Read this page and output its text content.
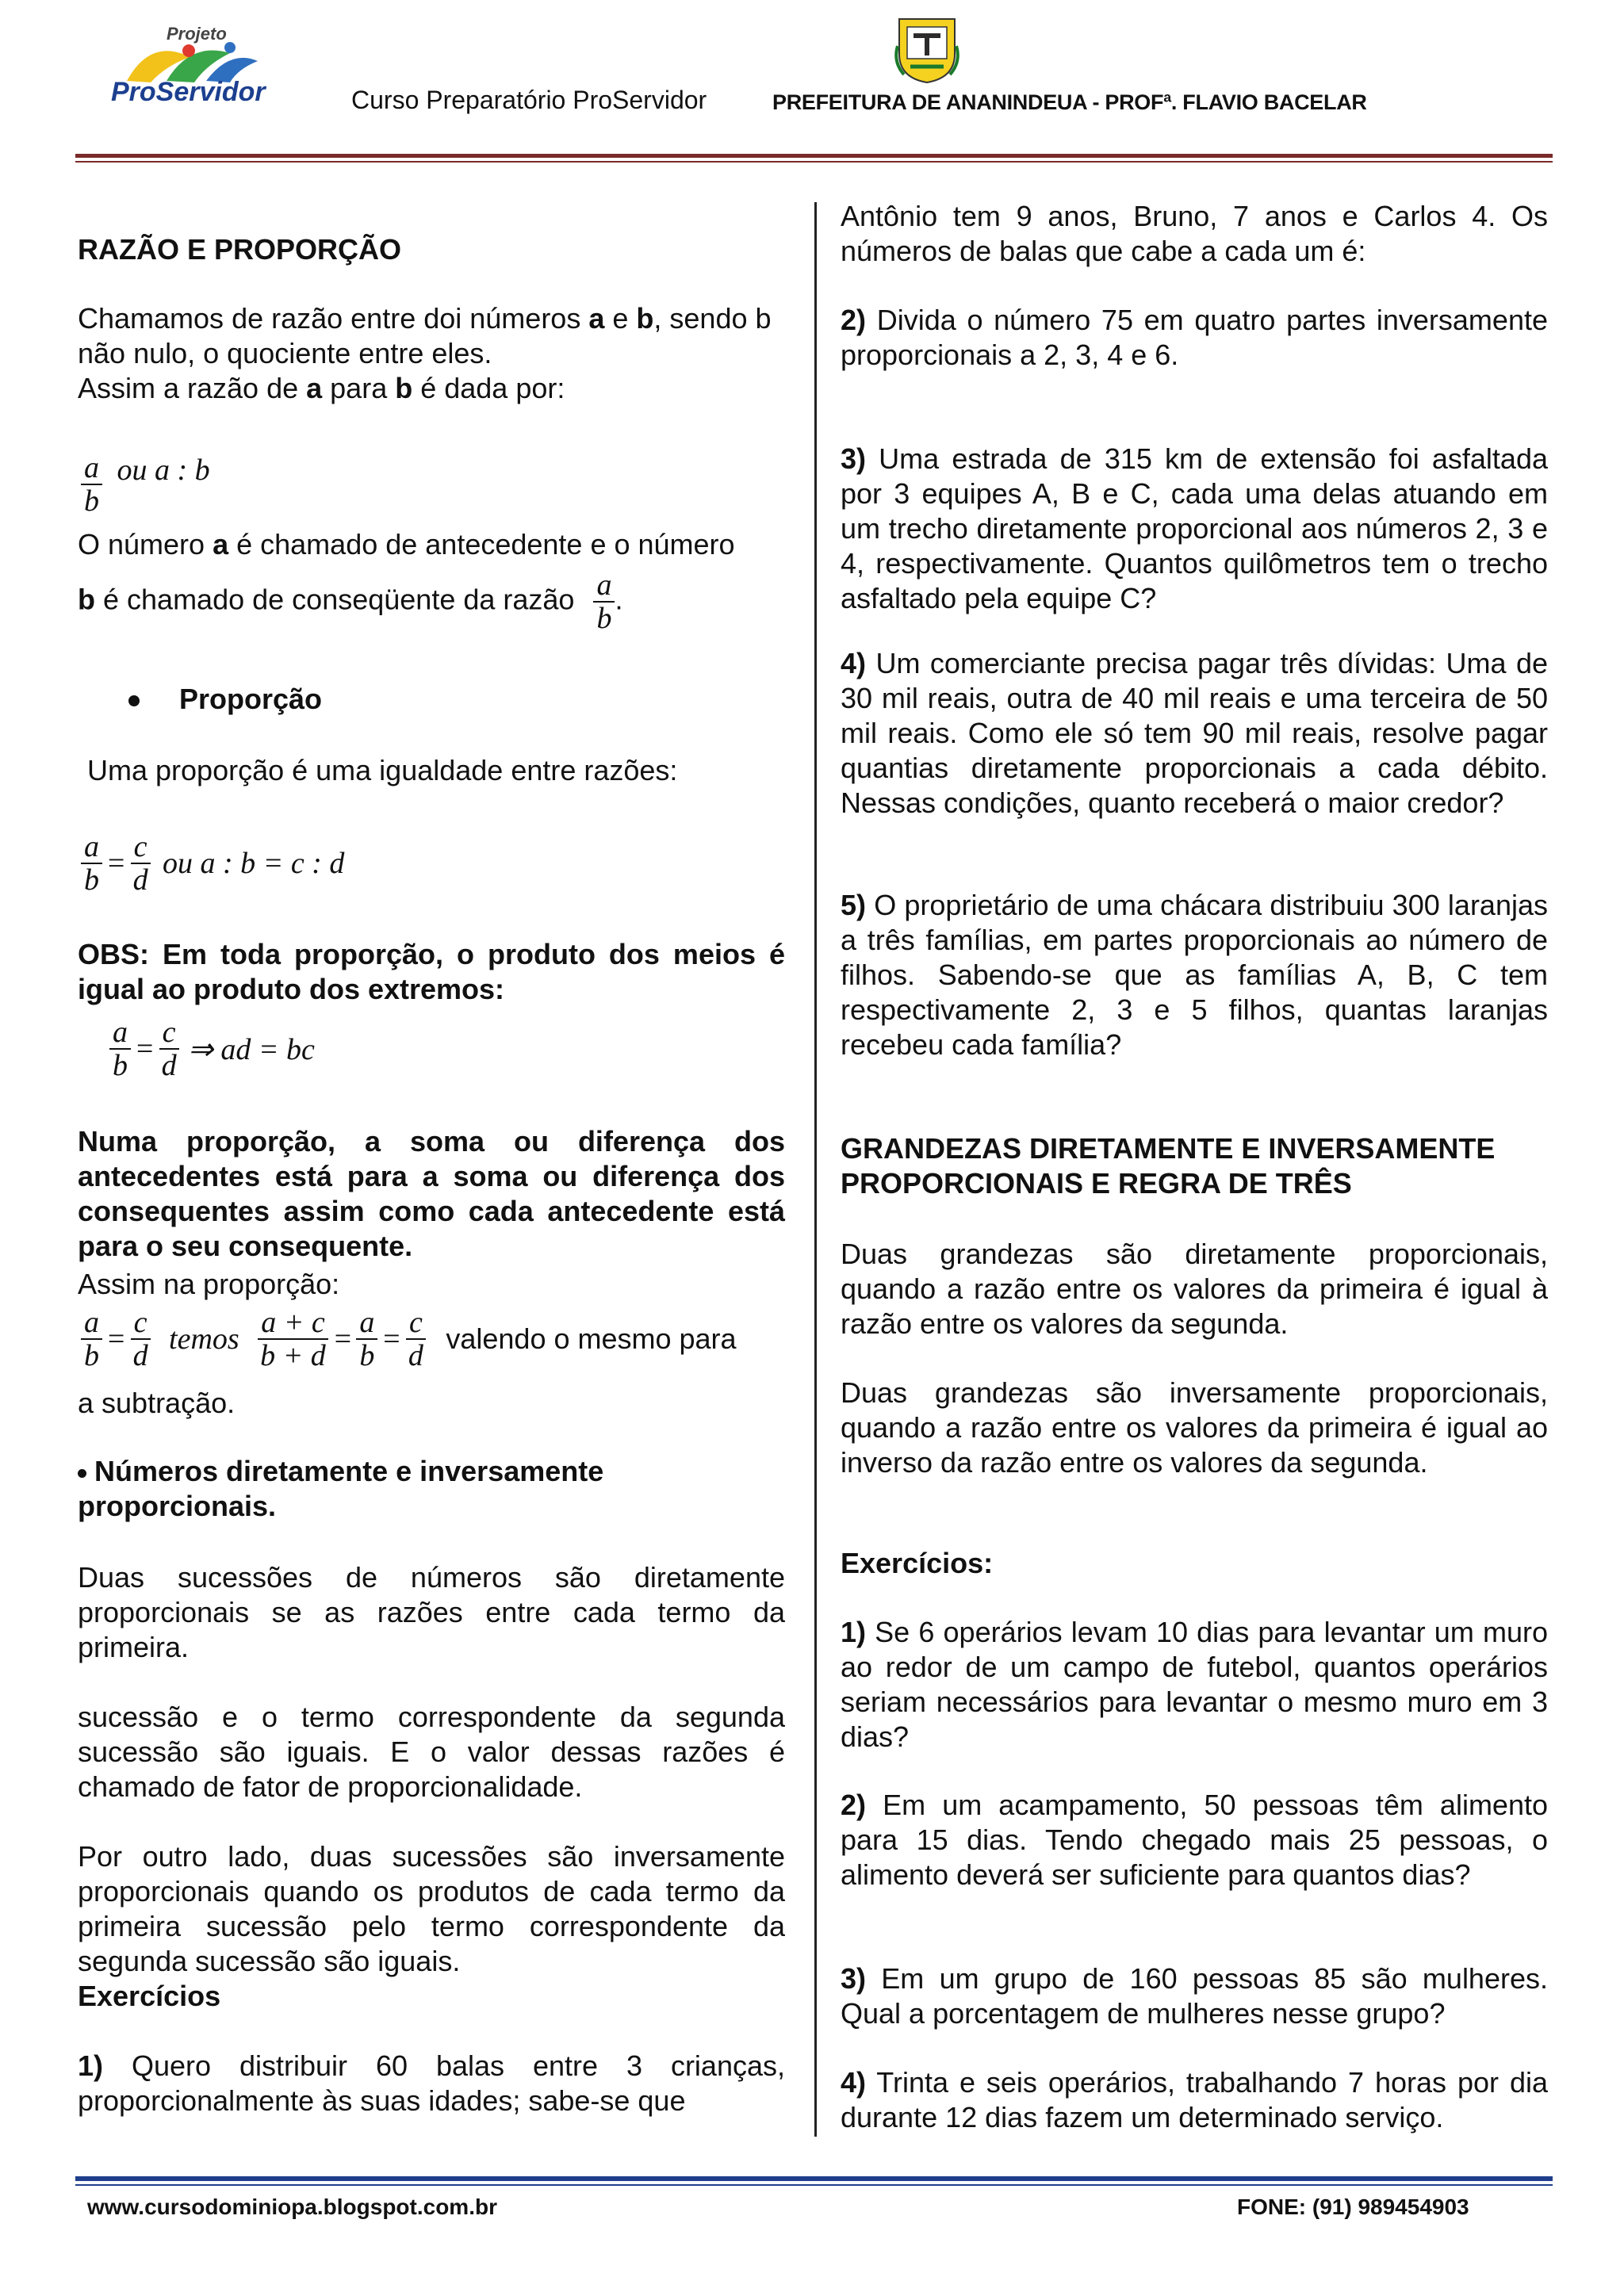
Projeto
ProServidor	Curso Preparatório ProServidor	PREFEITURA DE ANANINDEUA - PROFª. FLAVIO BACELAR
RAZÃO E PROPORÇÃO
Chamamos de razão entre doi números a e b, sendo b não nulo, o quociente entre eles.
Assim a razão de a para b é dada por:
$\frac{a}{b}$ ou a : b
O número a é chamado de antecedente e o número
b é chamado de conseqüente da razão $\frac{a}{b}$ .
Proporção
Uma proporção é uma igualdade entre razões:
$\frac{a}{b} = \frac{c}{d}$ ou a : b = c : d
OBS: Em toda proporção, o produto dos meios é igual ao produto dos extremos:
$\frac{a}{b} = \frac{c}{d}$ ⇒ ad = bc
Numa proporção, a soma ou diferença dos antecedentes está para a soma ou diferença dos consequentes assim como cada antecedente está para o seu consequente.
Assim na proporção:
$\frac{a}{b} = \frac{c}{d}$ temos $\frac{a + c}{b + d} = \frac{a}{b} = \frac{c}{d}$ valendo o mesmo para
a subtração.
Números diretamente e inversamente proporcionais.
Duas sucessões de números são diretamente proporcionais se as razões entre cada termo da primeira.
sucessão e o termo correspondente da segunda sucessão são iguais. E o valor dessas razões é chamado de fator de proporcionalidade.
Por outro lado, duas sucessões são inversamente proporcionais quando os produtos de cada termo da primeira sucessão pelo termo correspondente da segunda sucessão são iguais.
Exercícios
1) Quero distribuir 60 balas entre 3 crianças, proporcionalmente às suas idades; sabe-se que
Antônio tem 9 anos, Bruno, 7 anos e Carlos 4. Os números de balas que cabe a cada um é:
2) Divida o número 75 em quatro partes inversamente proporcionais a 2, 3, 4 e 6.
3) Uma estrada de 315 km de extensão foi asfaltada por 3 equipes A, B e C, cada uma delas atuando em um trecho diretamente proporcional aos números 2, 3 e 4, respectivamente. Quantos quilômetros tem o trecho asfaltado pela equipe C?
4) Um comerciante precisa pagar três dívidas: Uma de 30 mil reais, outra de 40 mil reais e uma terceira de 50 mil reais. Como ele só tem 90 mil reais, resolve pagar quantias diretamente proporcionais a cada débito. Nessas condições, quanto receberá o maior credor?
5) O proprietário de uma chácara distribuiu 300 laranjas a três famílias, em partes proporcionais ao número de filhos. Sabendo-se que as famílias A, B, C tem respectivamente 2, 3 e 5 filhos, quantas laranjas recebeu cada família?
GRANDEZAS DIRETAMENTE E INVERSAMENTE PROPORCIONAIS E REGRA DE TRÊS
Duas grandezas são diretamente proporcionais, quando a razão entre os valores da primeira é igual à razão entre os valores da segunda.
Duas grandezas são inversamente proporcionais, quando a razão entre os valores da primeira é igual ao inverso da razão entre os valores da segunda.
Exercícios:
1) Se 6 operários levam 10 dias para levantar um muro ao redor de um campo de futebol, quantos operários seriam necessários para levantar o mesmo muro em 3 dias?
2) Em um acampamento, 50 pessoas têm alimento para 15 dias. Tendo chegado mais 25 pessoas, o alimento deverá ser suficiente para quantos dias?
3) Em um grupo de 160 pessoas 85 são mulheres. Qual a porcentagem de mulheres nesse grupo?
4) Trinta e seis operários, trabalhando 7 horas por dia durante 12 dias fazem um determinado serviço.
www.cursodominiopa.blogspot.com.br	FONE: (91) 989454903
